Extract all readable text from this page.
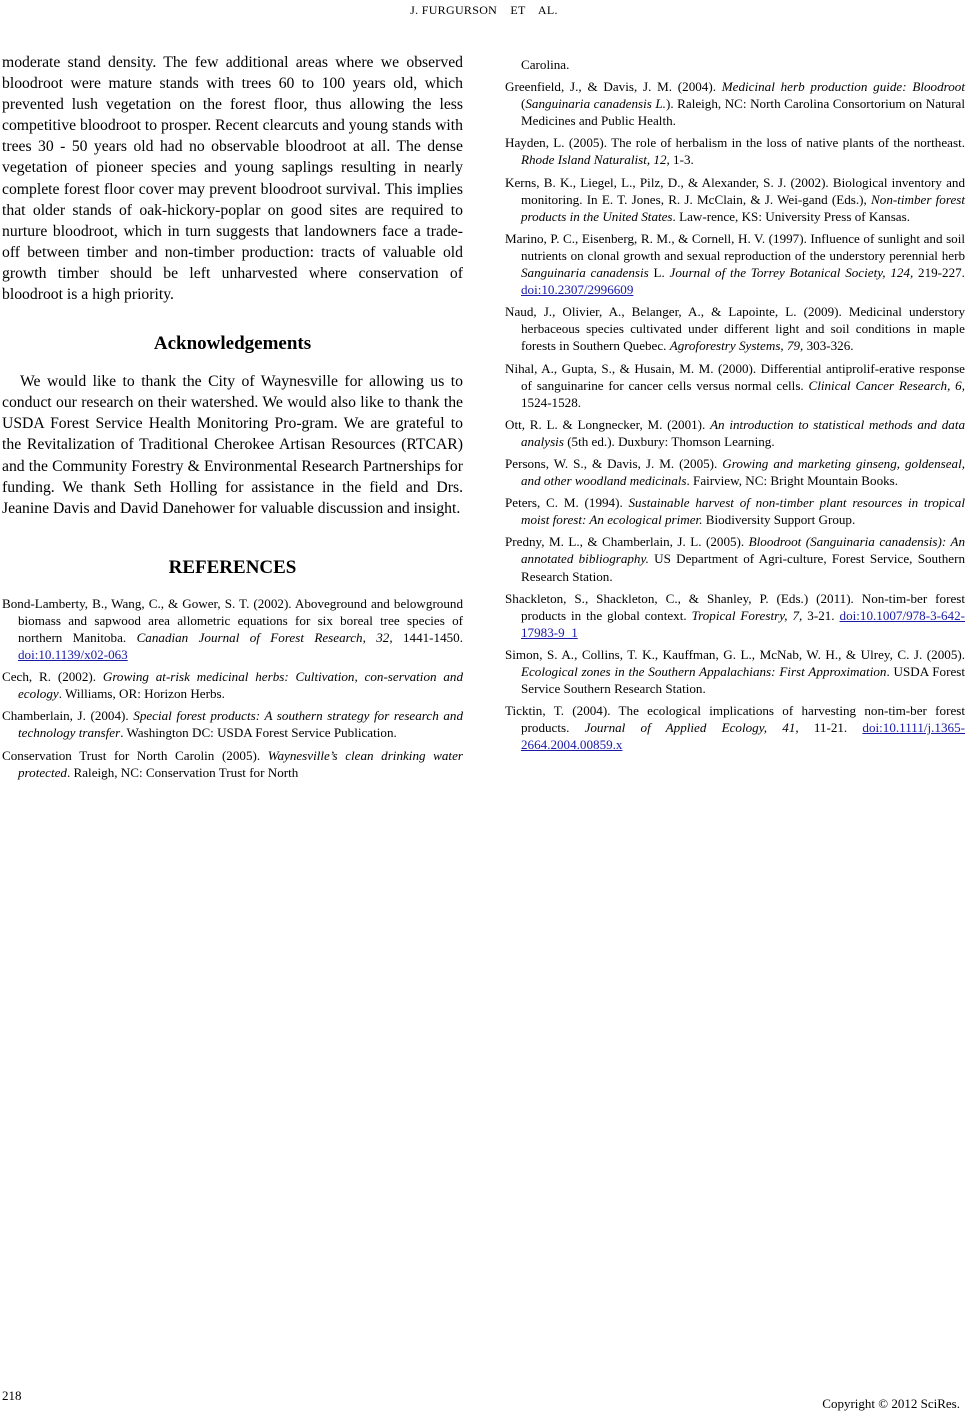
J. FURGURSON    ET    AL.

moderate stand density. The few additional areas where we observed bloodroot were mature stands with trees 60 to 100 years old, which prevented lush vegetation on the forest floor, thus allowing the less competitive bloodroot to prosper. Recent clearcuts and young stands with trees 30 - 50 years old had no observable bloodroot at all. The dense vegetation of pioneer species and young saplings resulting in nearly complete forest floor cover may prevent bloodroot survival. This implies that older stands of oak-hickory-poplar on good sites are required to nurture bloodroot, which in turn suggests that landowners face a trade-off between timber and non-timber production: tracts of valuable old growth timber should be left unharvested where conservation of bloodroot is a high priority.

Acknowledgements

We would like to thank the City of Waynesville for allowing us to conduct our research on their watershed. We would also like to thank the USDA Forest Service Health Monitoring Pro-gram. We are grateful to the Revitalization of Traditional Cherokee Artisan Resources (RTCAR) and the Community Forestry & Environmental Research Partnerships for funding. We thank Seth Holling for assistance in the field and Drs. Jeanine Davis and David Danehower for valuable discussion and insight.

REFERENCES

Bond-Lamberty, B., Wang, C., & Gower, S. T. (2002). Aboveground and belowground biomass and sapwood area allometric equations for six boreal tree species of northern Manitoba. Canadian Journal of Forest Research, 32, 1441-1450. doi:10.1139/x02-063

Cech, R. (2002). Growing at-risk medicinal herbs: Cultivation, con-servation and ecology. Williams, OR: Horizon Herbs.

Chamberlain, J. (2004). Special forest products: A southern strategy for research and technology transfer. Washington DC: USDA Forest Service Publication.

Conservation Trust for North Carolin (2005). Waynesville’s clean drinking water protected. Raleigh, NC: Conservation Trust for North

Carolina.

Greenfield, J., & Davis, J. M. (2004). Medicinal herb production guide: Bloodroot (Sanguinaria canadensis L.). Raleigh, NC: North Carolina Consortorium on Natural Medicines and Public Health.

Hayden, L. (2005). The role of herbalism in the loss of native plants of the northeast. Rhode Island Naturalist, 12, 1-3.

Kerns, B. K., Liegel, L., Pilz, D., & Alexander, S. J. (2002). Biological inventory and monitoring. In E. T. Jones, R. J. McClain, & J. Wei-gand (Eds.), Non-timber forest products in the United States. Law-rence, KS: University Press of Kansas.

Marino, P. C., Eisenberg, R. M., & Cornell, H. V. (1997). Influence of sunlight and soil nutrients on clonal growth and sexual reproduction of the understory perennial herb Sanguinaria canadensis L. Journal of the Torrey Botanical Society, 124, 219-227. doi:10.2307/2996609

Naud, J., Olivier, A., Belanger, A., & Lapointe, L. (2009). Medicinal understory herbaceous species cultivated under different light and soil conditions in maple forests in Southern Quebec. Agroforestry Systems, 79, 303-326.

Nihal, A., Gupta, S., & Husain, M. M. (2000). Differential antiprolif-erative response of sanguinarine for cancer cells versus normal cells. Clinical Cancer Research, 6, 1524-1528.

Ott, R. L. & Longnecker, M. (2001). An introduction to statistical methods and data analysis (5th ed.). Duxbury: Thomson Learning.

Persons, W. S., & Davis, J. M. (2005). Growing and marketing ginseng, goldenseal, and other woodland medicinals. Fairview, NC: Bright Mountain Books.

Peters, C. M. (1994). Sustainable harvest of non-timber plant resources in tropical moist forest: An ecological primer. Biodiversity Support Group.

Predny, M. L., & Chamberlain, J. L. (2005). Bloodroot (Sanguinaria canadensis): An annotated bibliography. US Department of Agri-culture, Forest Service, Southern Research Station.

Shackleton, S., Shackleton, C., & Shanley, P. (Eds.) (2011). Non-tim-ber forest products in the global context. Tropical Forestry, 7, 3-21. doi:10.1007/978-3-642-17983-9_1

Simon, S. A., Collins, T. K., Kauffman, G. L., McNab, W. H., & Ulrey, C. J. (2005). Ecological zones in the Southern Appalachians: First Approximation. USDA Forest Service Southern Research Station.

Ticktin, T. (2004). The ecological implications of harvesting non-tim-ber forest products. Journal of Applied Ecology, 41, 11-21. doi:10.1111/j.1365-2664.2004.00859.x

218
Copyright © 2012 SciRes.
